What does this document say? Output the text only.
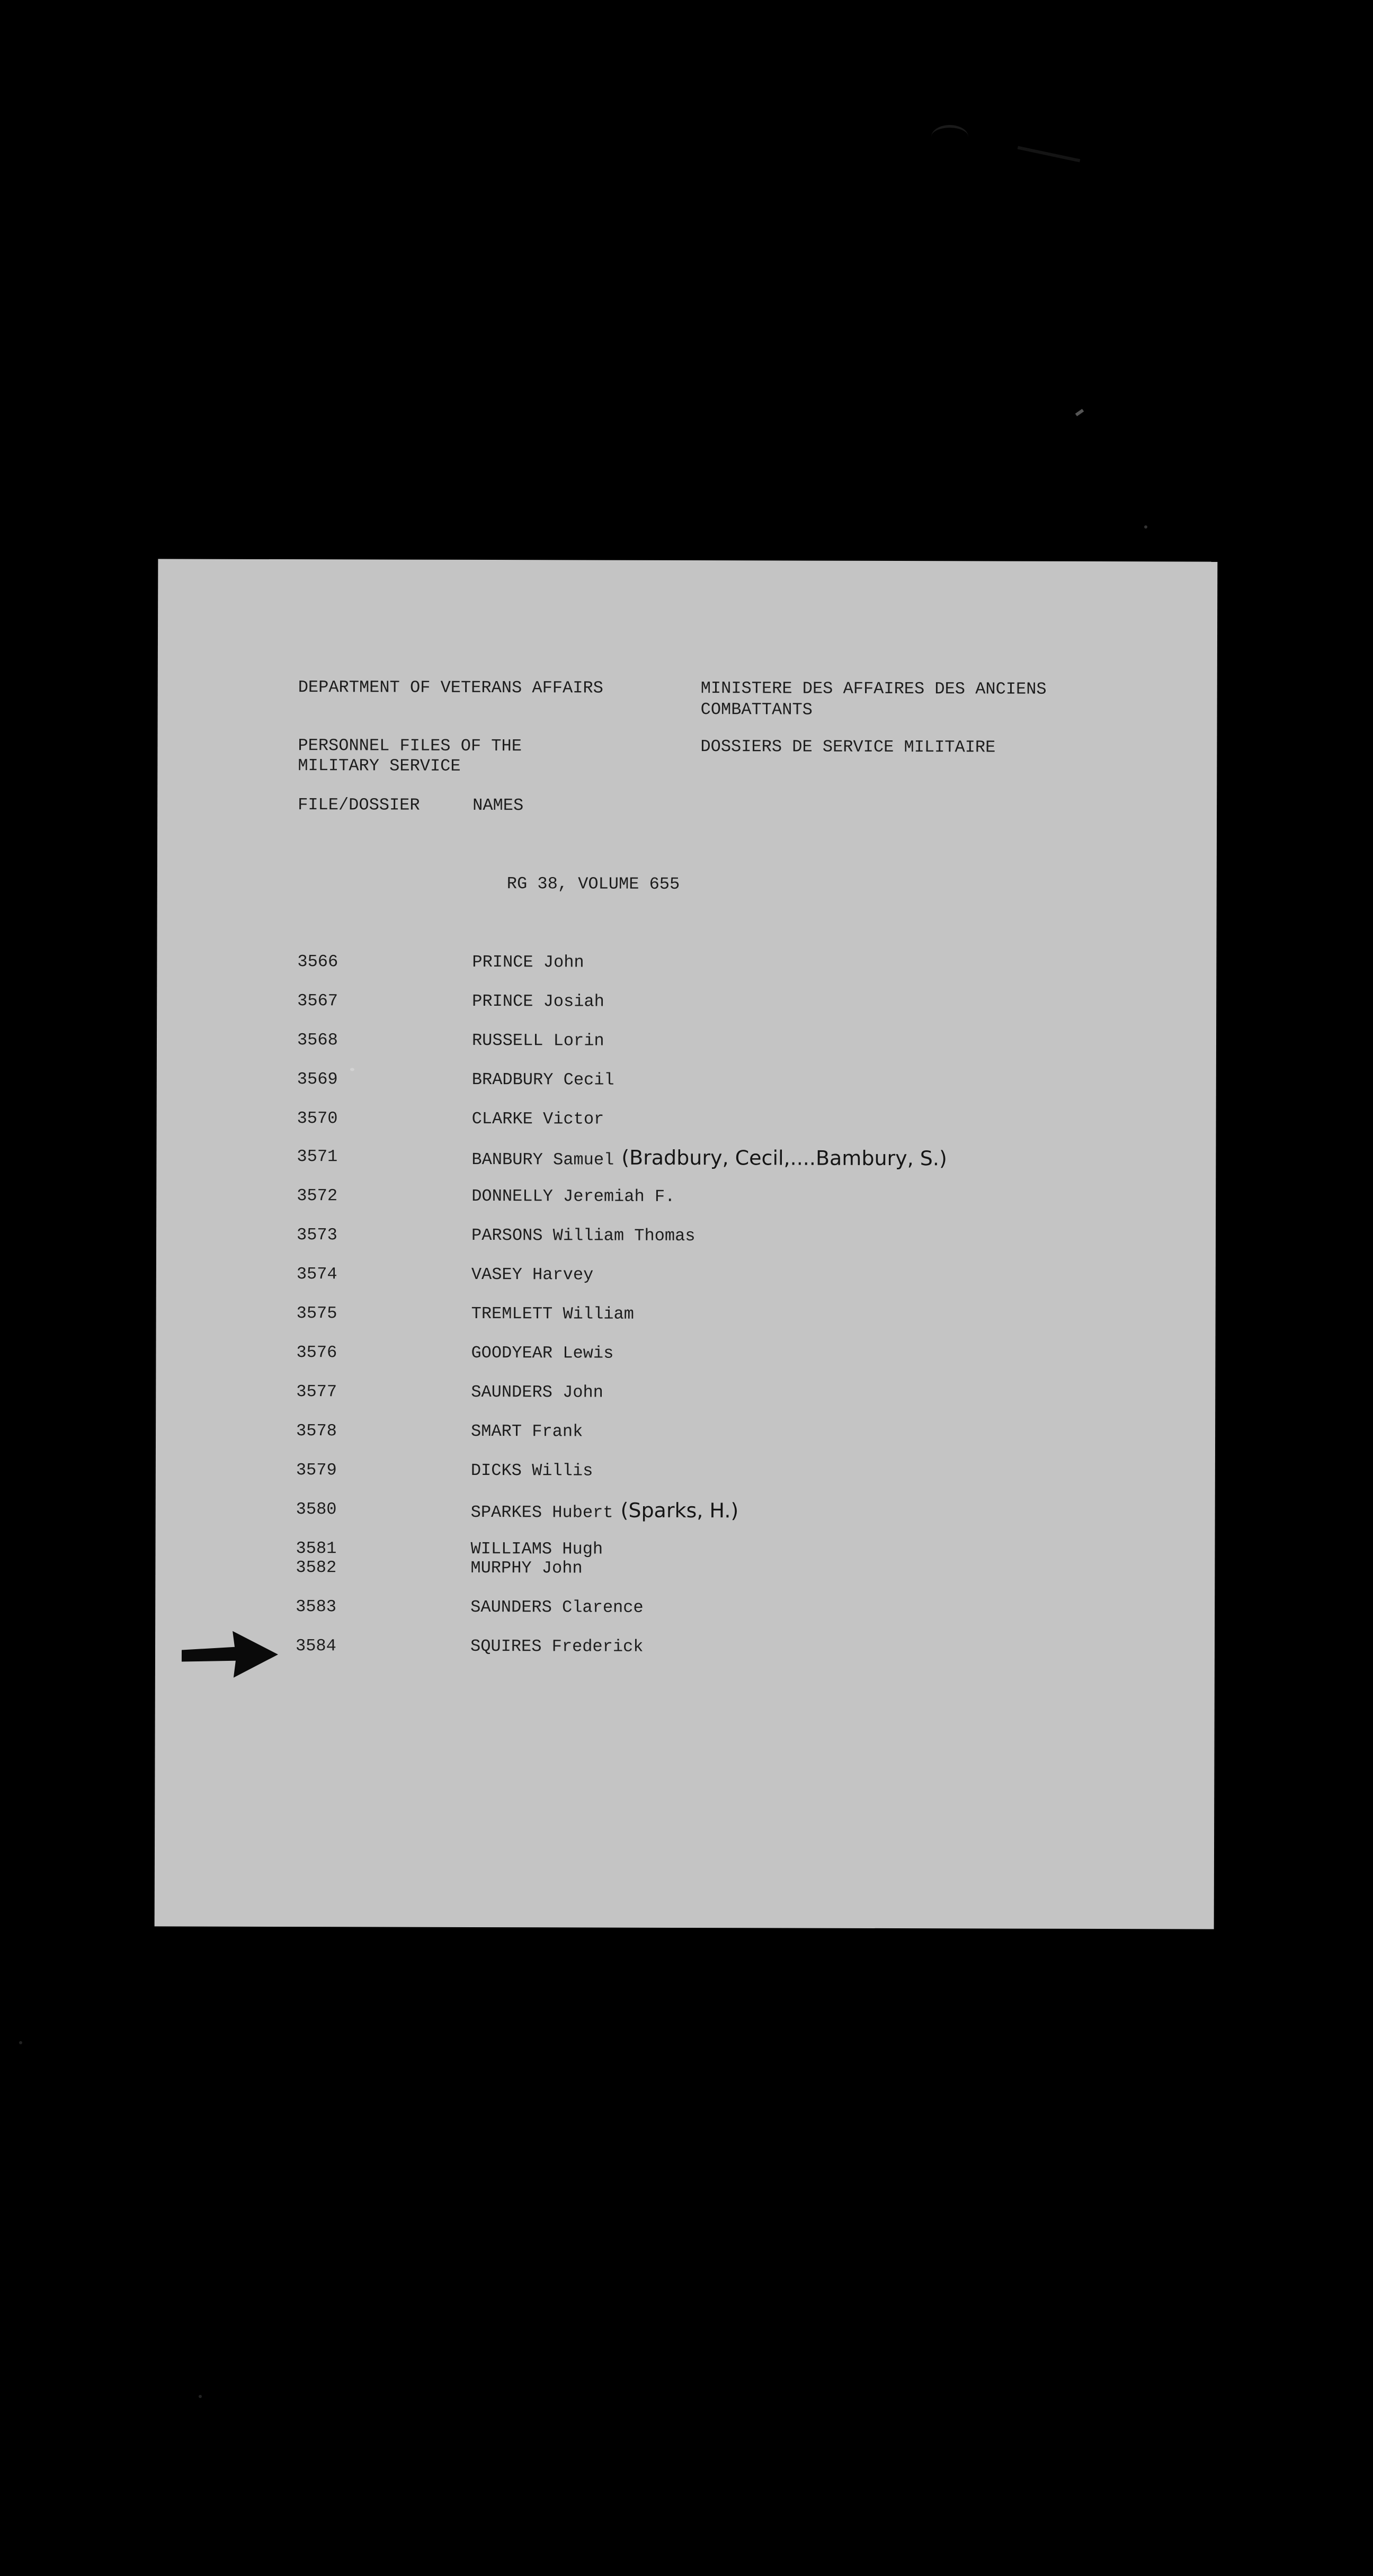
DEPARTMENT OF VETERANS AFFAIRS	MINISTERE DES AFFAIRES DES ANCIENS
COMBATTANTS
PERSONNEL FILES OF THE
MILITARY SERVICE
DOSSIERS DE SERVICE MILITAIRE
FILE/DOSSIER	NAMES
RG 38, VOLUME 655
3566	PRINCE John
3567	PRINCE Josiah
3568	RUSSELL Lorin
3569	BRADBURY Cecil
3570	CLARKE Victor
3571	BANBURY Samuel (Bradbury, Cecil,....Bambury, S.)
3572	DONNELLY Jeremiah F.
3573	PARSONS William Thomas
3574	VASEY Harvey
3575	TREMLETT William
3576	GOODYEAR Lewis
3577	SAUNDERS John
3578	SMART Frank
3579	DICKS Willis
3580	SPARKES Hubert (Sparks, H.)
3581	WILLIAMS Hugh
3582	MURPHY John
3583	SAUNDERS Clarence
3584	SQUIRES Frederick
